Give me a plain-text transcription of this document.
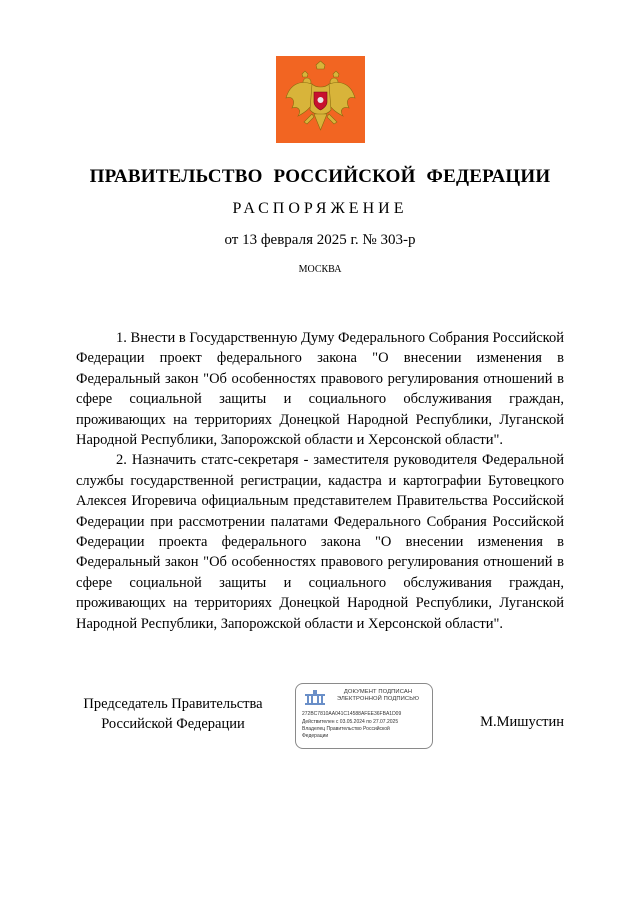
ПРАВИТЕЛЬСТВО РОССИЙСКОЙ ФЕДЕРАЦИИ
РАСПОРЯЖЕНИЕ
от 13 февраля 2025 г. № 303-р
МОСКВА

1. Внести в Государственную Думу Федерального Собрания Российской Федерации проект федерального закона "О внесении изменения в Федеральный закон "Об особенностях правового регулирования отношений в сфере социальной защиты и социального обслуживания граждан, проживающих на территориях Донецкой Народной Республики, Луганской Народной Республики, Запорожской области и Херсонской области".

2. Назначить статс-секретаря - заместителя руководителя Федеральной службы государственной регистрации, кадастра и картографии Бутовецкого Алексея Игоревича официальным представителем Правительства Российской Федерации при рассмотрении палатами Федерального Собрания Российской Федерации проекта федерального закона "О внесении изменения в Федеральный закон "Об особенностях правового регулирования отношений в сфере социальной защиты и социального обслуживания граждан, проживающих на территориях Донецкой Народной Республики, Луганской Народной Республики, Запорожской области и Херсонской области".

Председатель Правительства
Российской Федерации
ДОКУМЕНТ ПОДПИСАН ЭЛЕКТРОННОЙ ПОДПИСЬЮ
272BC7810AA041C14588AFEE36FBA1D09
Действителен с 03.05.2024 по 27.07.2025
Владелец Правительство Российской
Федерации
М.Мишустин
